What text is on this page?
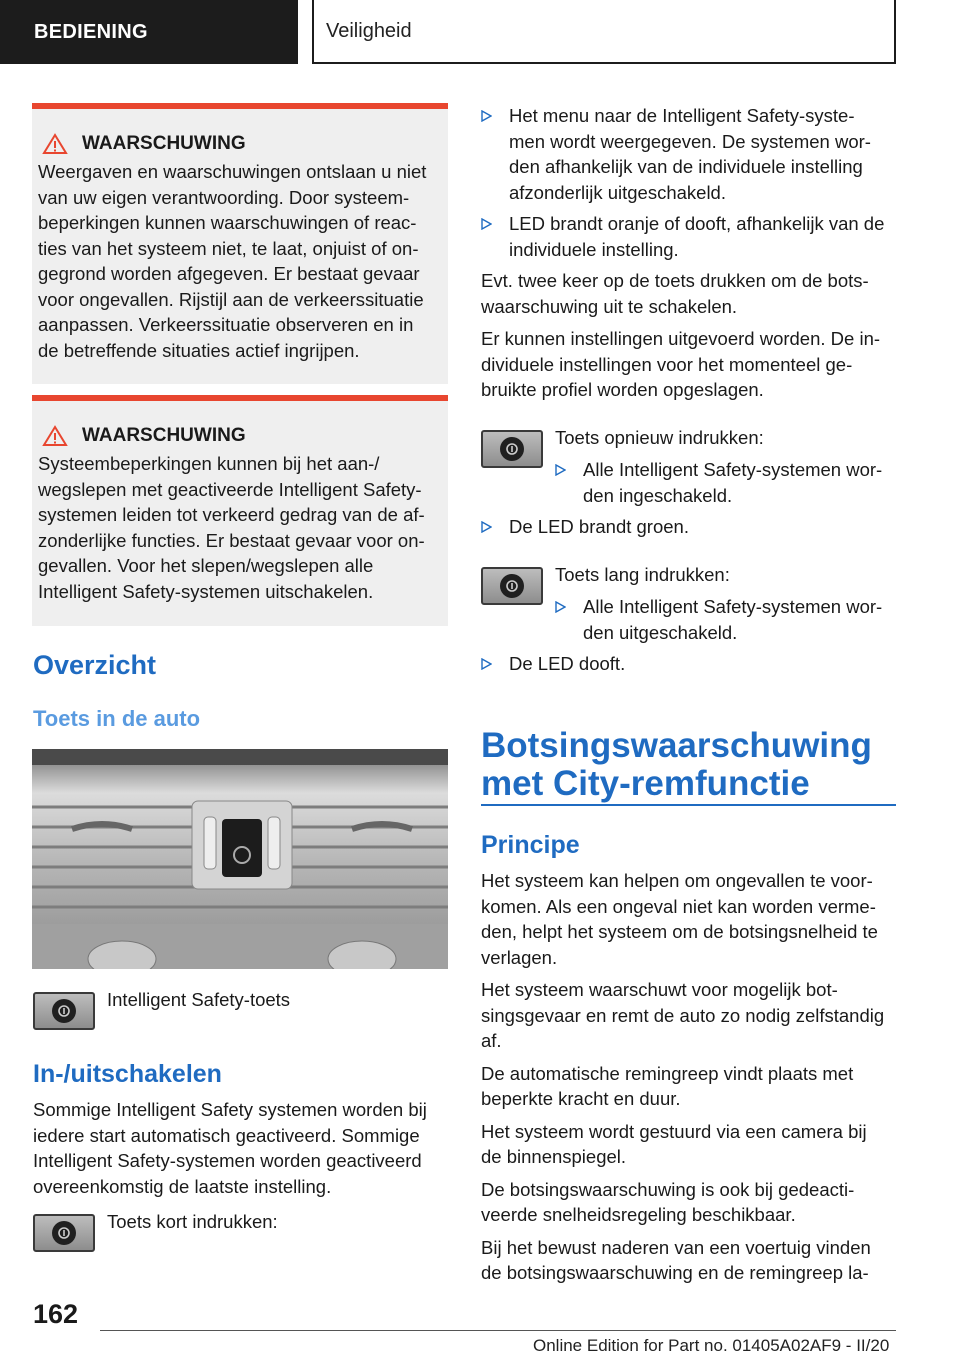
BEDIENING	Veiligheid
WAARSCHUWING
Weergaven en waarschuwingen ontslaan u niet
van uw eigen verantwoording. Door systeem-
beperkingen kunnen waarschuwingen of reac-
ties van het systeem niet, te laat, onjuist of on-
gegrond worden afgegeven. Er bestaat gevaar
voor ongevallen. Rijstijl aan de verkeerssituatie
aanpassen. Verkeerssituatie observeren en in
de betreffende situaties actief ingrijpen.
WAARSCHUWING
Systeembeperkingen kunnen bij het aan-/
wegslepen met geactiveerde Intelligent Safety-
systemen leiden tot verkeerd gedrag van de af-
zonderlijke functies. Er bestaat gevaar voor on-
gevallen. Voor het slepen/wegslepen alle
Intelligent Safety-systemen uitschakelen.
Overzicht
Toets in de auto
Intelligent Safety-toets
In-/uitschakelen
Sommige Intelligent Safety systemen worden bij
iedere start automatisch geactiveerd. Sommige
Intelligent Safety-systemen worden geactiveerd
overeenkomstig de laatste instelling.
Toets kort indrukken:
Het menu naar de Intelligent Safety-syste-
men wordt weergegeven. De systemen wor-
den afhankelijk van de individuele instelling
afzonderlijk uitgeschakeld.
LED brandt oranje of dooft, afhankelijk van de
individuele instelling.
Evt. twee keer op de toets drukken om de bots-
waarschuwing uit te schakelen.
Er kunnen instellingen uitgevoerd worden. De in-
dividuele instellingen voor het momenteel ge-
bruikte profiel worden opgeslagen.
Toets opnieuw indrukken:
Alle Intelligent Safety-systemen wor-
den ingeschakeld.
De LED brandt groen.
Toets lang indrukken:
Alle Intelligent Safety-systemen wor-
den uitgeschakeld.
De LED dooft.
Botsingswaarschuwing
met City-remfunctie
Principe

Het systeem kan helpen om ongevallen te voor-
komen. Als een ongeval niet kan worden verme-
den, helpt het systeem om de botsingsnelheid te
verlagen.

Het systeem waarschuwt voor mogelijk bot-
singsgevaar en remt de auto zo nodig zelfstandig
af.

De automatische remingreep vindt plaats met
beperkte kracht en duur.

Het systeem wordt gestuurd via een camera bij
de binnenspiegel.

De botsingswaarschuwing is ook bij gedeacti-
veerde snelheidsregeling beschikbaar.

Bij het bewust naderen van een voertuig vinden
de botsingswaarschuwing en de remingreep la-

162
Online Edition for Part no. 01405A02AF9 - II/20
